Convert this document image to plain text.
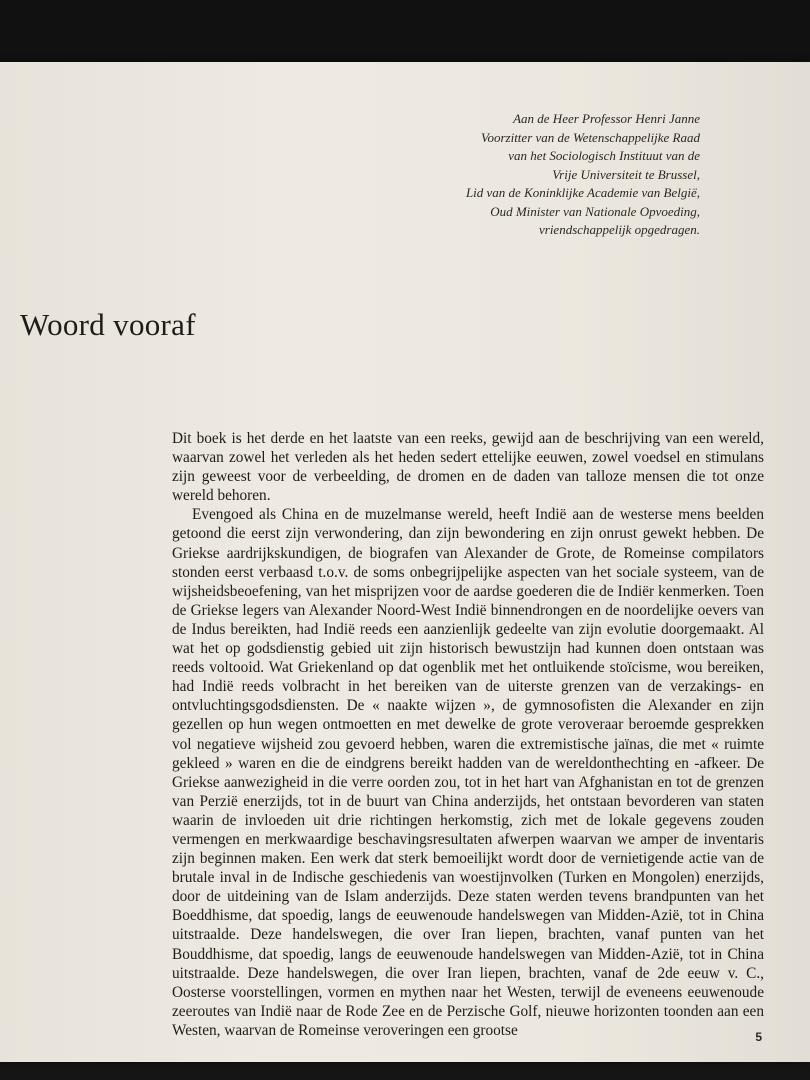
Aan de Heer Professor Henri Janne
Voorzitter van de Wetenschappelijke Raad
van het Sociologisch Instituut van de
Vrije Universiteit te Brussel,
Lid van de Koninklijke Academie van België,
Oud Minister van Nationale Opvoeding,
vriendschappelijk opgedragen.
Woord vooraf

Dit boek is het derde en het laatste van een reeks, gewijd aan de beschrijving van een wereld, waarvan zowel het verleden als het heden sedert ettelijke eeuwen, zowel voedsel en stimulans zijn geweest voor de verbeelding, de dromen en de daden van talloze mensen die tot onze wereld behoren.

Evengoed als China en de muzelmanse wereld, heeft Indië aan de westerse mens beelden getoond die eerst zijn verwondering, dan zijn bewondering en zijn onrust gewekt hebben. De Griekse aardrijkskundigen, de biografen van Alexander de Grote, de Romeinse compilators stonden eerst verbaasd t.o.v. de soms onbegrijpelijke aspecten van het sociale systeem, van de wijsheidsbeoefening, van het misprijzen voor de aardse goederen die de Indiër kenmerken. Toen de Griekse legers van Alexander Noord-West Indië binnendrongen en de noordelijke oevers van de Indus bereikten, had Indië reeds een aanzienlijk gedeelte van zijn evolutie doorgemaakt. Al wat het op godsdienstig gebied uit zijn historisch bewustzijn had kunnen doen ontstaan was reeds voltooid. Wat Griekenland op dat ogenblik met het ontluikende stoïcisme, wou bereiken, had Indië reeds volbracht in het bereiken van de uiterste grenzen van de verzakings- en ontvluchtingsgodsdiensten. De « naakte wijzen », de gymnosofisten die Alexander en zijn gezellen op hun wegen ontmoetten en met dewelke de grote veroveraar beroemde gesprekken vol negatieve wijsheid zou gevoerd hebben, waren die extremistische jaïnas, die met « ruimte gekleed » waren en die de eindgrens bereikt hadden van de wereldonthechting en -afkeer. De Griekse aanwezigheid in die verre oorden zou, tot in het hart van Afghanistan en tot de grenzen van Perzië enerzijds, tot in de buurt van China anderzijds, het ontstaan bevorderen van staten waarin de invloeden uit drie richtingen herkomstig, zich met de lokale gegevens zouden vermengen en merkwaardige beschavingsresultaten afwerpen waarvan we amper de inventaris zijn beginnen maken. Een werk dat sterk bemoeilijkt wordt door de vernietigende actie van de brutale inval in de Indische geschiedenis van woestijnvolken (Turken en Mongolen) enerzijds, door de uitdeining van de Islam anderzijds. Deze staten werden tevens brandpunten van het Boeddhisme, dat spoedig, langs de eeuwenoude handelswegen van Midden-Azië, tot in China uitstraalde. Deze handelswegen, die over Iran liepen, brachten, vanaf punten van het Bouddhisme, dat spoedig, langs de eeuwenoude handelswegen van Midden-Azië, tot in China uitstraalde. Deze handelswegen, die over Iran liepen, brachten, vanaf de 2de eeuw v. C., Oosterse voorstellingen, vormen en mythen naar het Westen, terwijl de eveneens eeuwenoude zeeroutes van Indië naar de Rode Zee en de Perzische Golf, nieuwe horizonten toonden aan een Westen, waarvan de Romeinse veroveringen een grootse	5
